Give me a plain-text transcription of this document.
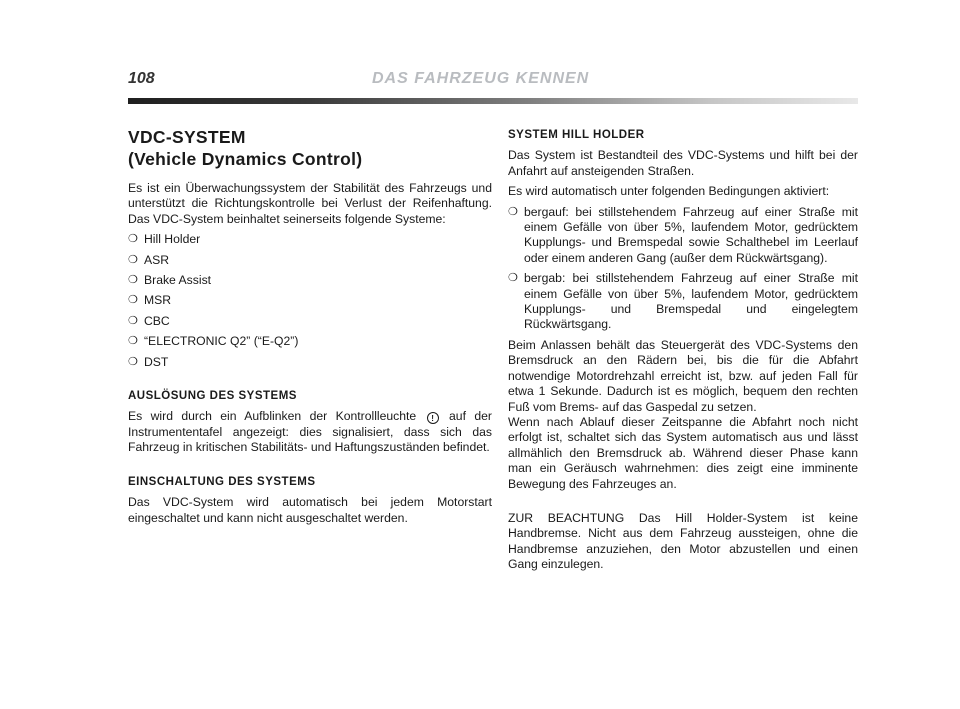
108	DAS FAHRZEUG KENNEN
VDC-SYSTEM
(Vehicle Dynamics Control)

Es ist ein Überwachungssystem der Stabilität des Fahrzeugs und unterstützt die Richtungskontrolle bei Verlust der Reifenhaftung. Das VDC-System beinhaltet seinerseits folgende Systeme:

❍ Hill Holder
❍ ASR
❍ Brake Assist
❍ MSR
❍ CBC
❍ “ELECTRONIC Q2” (“E-Q2”)
❍ DST
AUSLÖSUNG DES SYSTEMS

Es wird durch ein Aufblinken der Kontrollleuchte ! auf der Instrumententafel angezeigt: dies signalisiert, dass sich das Fahrzeug in kritischen Stabilitäts- und Haftungszuständen befindet.

EINSCHALTUNG DES SYSTEMS

Das VDC-System wird automatisch bei jedem Motorstart eingeschaltet und kann nicht ausgeschaltet werden.

SYSTEM HILL HOLDER

Das System ist Bestandteil des VDC-Systems und hilft bei der Anfahrt auf ansteigenden Straßen.

Es wird automatisch unter folgenden Bedingungen aktiviert:

❍ bergauf: bei stillstehendem Fahrzeug auf einer Straße mit einem Gefälle von über 5%, laufendem Motor, gedrücktem Kupplungs- und Bremspedal sowie Schalthebel im Leerlauf oder einem anderen Gang (außer dem Rückwärtsgang).
❍ bergab: bei stillstehendem Fahrzeug auf einer Straße mit einem Gefälle von über 5%, laufendem Motor, gedrücktem Kupplungs- und Bremspedal und eingelegtem Rückwärtsgang.

Beim Anlassen behält das Steuergerät des VDC-Systems den Bremsdruck an den Rädern bei, bis die für die Abfahrt notwendige Motordrehzahl erreicht ist, bzw. auf jeden Fall für etwa 1 Sekunde. Dadurch ist es möglich, bequem den rechten Fuß vom Brems- auf das Gaspedal zu setzen.

Wenn nach Ablauf dieser Zeitspanne die Abfahrt noch nicht erfolgt ist, schaltet sich das System automatisch aus und lässt allmählich den Bremsdruck ab. Während dieser Phase kann man ein Geräusch wahrnehmen: dies zeigt eine imminente Bewegung des Fahrzeuges an.

ZUR BEACHTUNG Das Hill Holder-System ist keine Handbremse. Nicht aus dem Fahrzeug aussteigen, ohne die Handbremse anzuziehen, den Motor abzustellen und einen Gang einzulegen.
